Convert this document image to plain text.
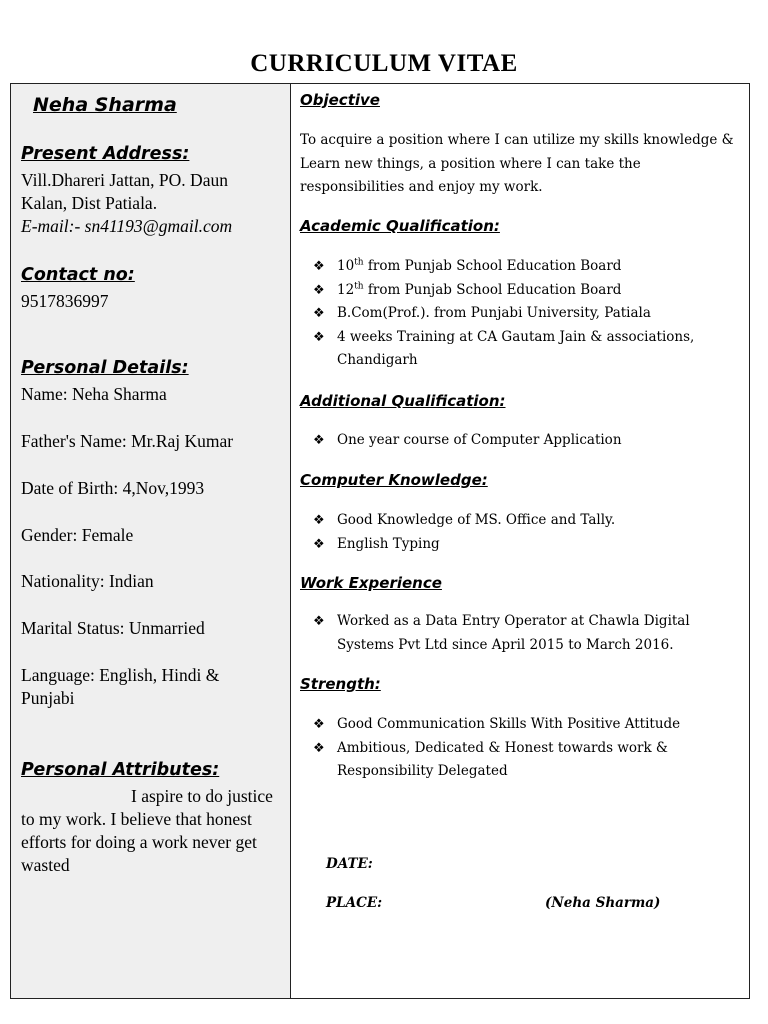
CURRICULUM VITAE
Neha Sharma
Present Address:
Vill.Dhareri Jattan, PO. Daun
Kalan, Dist Patiala.
E-mail:- sn41193@gmail.com
Contact no:
9517836997
Personal Details:
Name: Neha Sharma
Father's Name: Mr.Raj Kumar
Date of Birth: 4,Nov,1993
Gender: Female
Nationality: Indian
Marital Status: Unmarried
Language: English, Hindi &
Punjabi
Personal Attributes:
I aspire to do justice to my work. I believe that honest efforts for doing a work never get wasted
Objective
To acquire a position where I can utilize my skills knowledge & Learn new things, a position where I can take the responsibilities and enjoy my work.
Academic Qualification:
❖ 10th from Punjab School Education Board
❖ 12th from Punjab School Education Board
❖ B.Com(Prof.). from Punjabi University, Patiala
❖ 4 weeks Training at CA Gautam Jain & associations, Chandigarh
Additional Qualification:
❖ One year course of Computer Application
Computer Knowledge:
❖ Good Knowledge of MS. Office and Tally.
❖ English Typing
Work Experience
❖ Worked as a Data Entry Operator at Chawla Digital Systems Pvt Ltd since April 2015 to March 2016.
Strength:
❖ Good Communication Skills With Positive Attitude
❖ Ambitious, Dedicated & Honest towards work & Responsibility Delegated
DATE:
PLACE:	(Neha Sharma)
